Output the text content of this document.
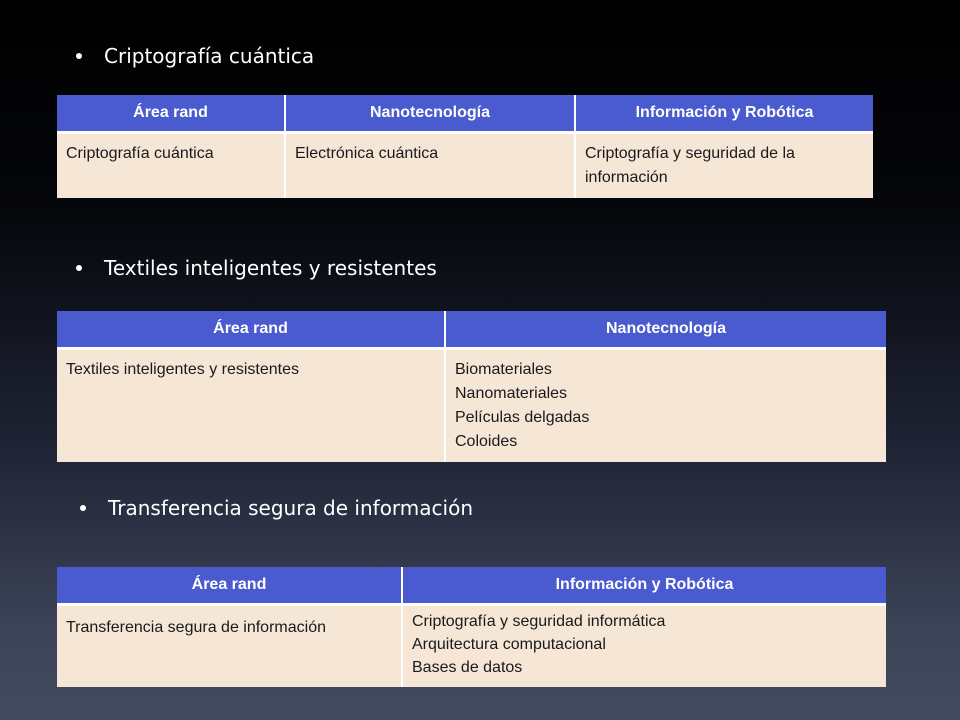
Criptografía cuántica
Área rand	Nanotecnología	Información y Robótica

Criptografía cuántica	Electrónica cuántica	Criptografía y seguridad de la información
Textiles inteligentes y resistentes
Área rand	Nanotecnología

Textiles inteligentes y resistentes	Biomateriales
Nanomateriales
Películas delgadas
Coloides
Transferencia segura de información
Área rand	Información y Robótica

Transferencia segura de información	Criptografía y seguridad informática
Arquitectura computacional
Bases de datos
